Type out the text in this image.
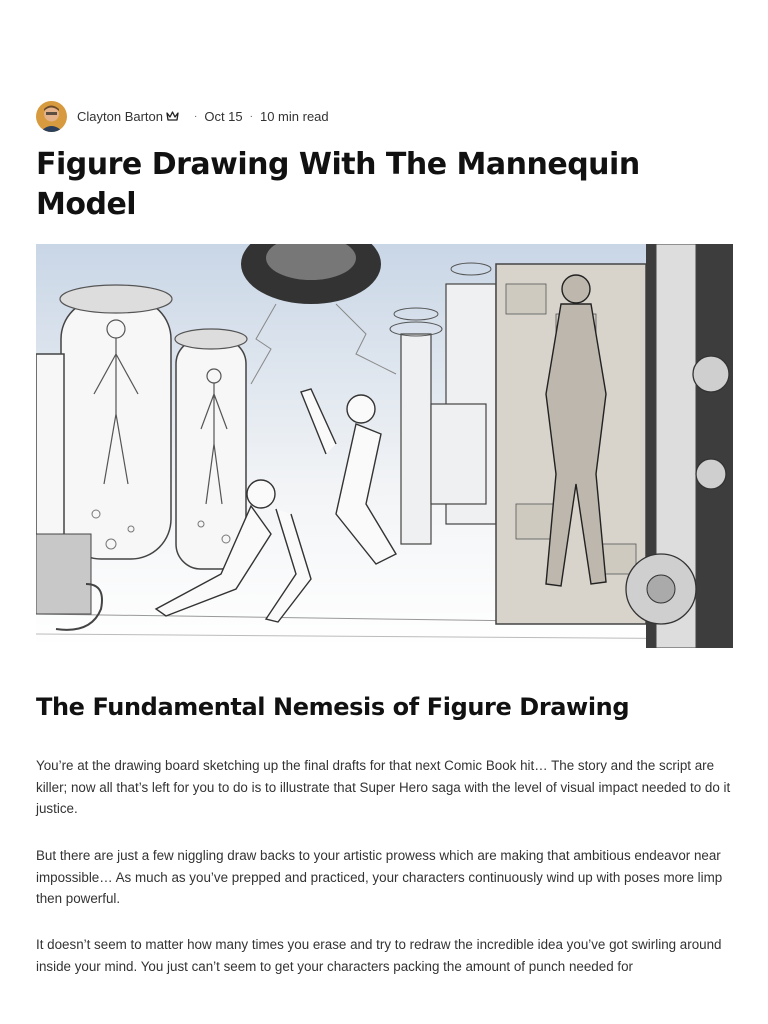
Clayton Barton	· Oct 15 · 10 min read
Figure Drawing With The Mannequin Model
The Fundamental Nemesis of Figure Drawing

You’re at the drawing board sketching up the final drafts for that next Comic Book hit… The story and the script are killer; now all that’s left for you to do is to illustrate that Super Hero saga with the level of visual impact needed to do it justice.

But there are just a few niggling draw backs to your artistic prowess which are making that ambitious endeavor near impossible… As much as you’ve prepped and practiced, your characters continuously wind up with poses more limp then powerful.

It doesn’t seem to matter how many times you erase and try to redraw the incredible idea you’ve got swirling around inside your mind. You just can’t seem to get your characters packing the amount of punch needed for
